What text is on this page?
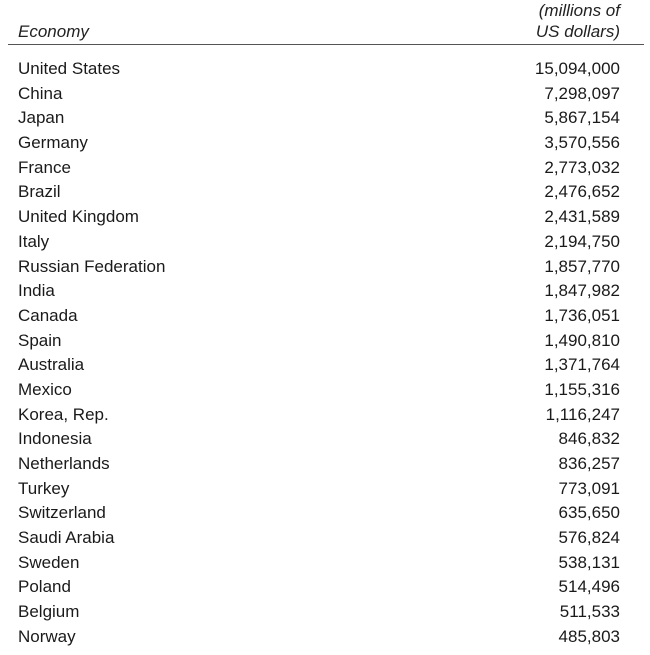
Economy
(millions of
US dollars)
United States	15,094,000
China	7,298,097
Japan	5,867,154
Germany	3,570,556
France	2,773,032
Brazil	2,476,652
United Kingdom	2,431,589
Italy	2,194,750
Russian Federation	1,857,770
India	1,847,982
Canada	1,736,051
Spain	1,490,810
Australia	1,371,764
Mexico	1,155,316
Korea, Rep.	1,116,247
Indonesia	846,832
Netherlands	836,257
Turkey	773,091
Switzerland	635,650
Saudi Arabia	576,824
Sweden	538,131
Poland	514,496
Belgium	511,533
Norway	485,803
